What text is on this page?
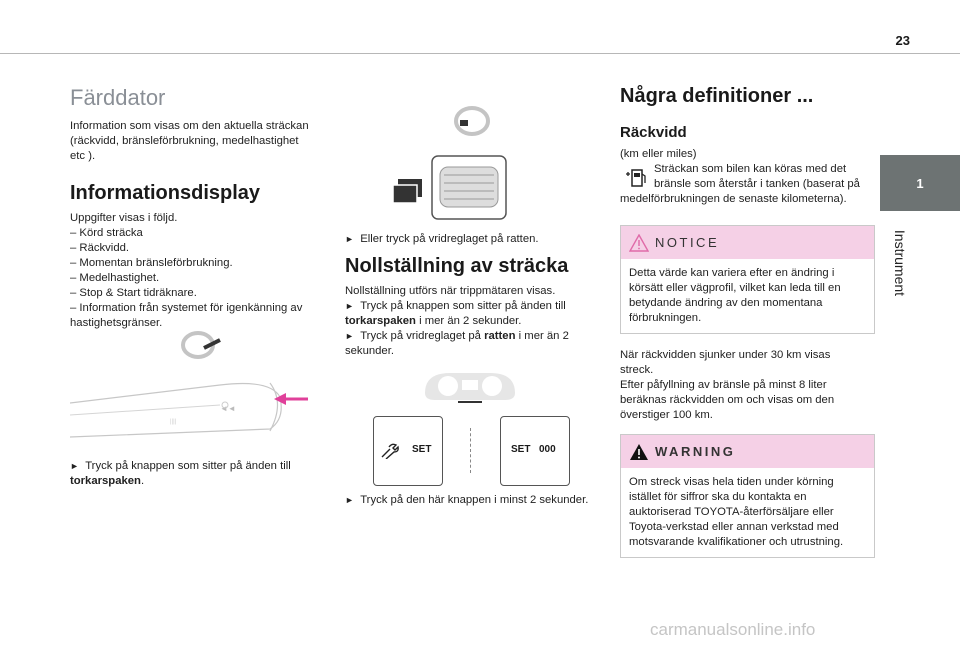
23
1
Instrument
Färddator
Information som visas om den aktuella sträckan
(räckvidd, bränsleförbrukning, medelhastighet
etc ).
Informationsdisplay
Uppgifter visas i följd.
– Körd sträcka
– Räckvidd.
– Momentan bränsleförbrukning.
– Medelhastighet.
– Stop & Start tidräknare.
– Information från systemet för igenkänning av
hastighetsgränser.
◄◄
||||
► Tryck på knappen som sitter på änden till
torkarspaken.
► Eller tryck på vridreglaget på ratten.
Nollställning av sträcka
Nollställning utförs när trippmätaren visas.
► Tryck på knappen som sitter på änden till
torkarspaken i mer än 2 sekunder.
► Tryck på vridreglaget på ratten i mer än 2
sekunder.
SET	SET 000
► Tryck på den här knappen i minst 2 sekunder.
Några definitioner ...
Räckvidd
(km eller miles)
Sträckan som bilen kan köras med det
bränsle som återstår i tanken (baserat på
medelförbrukningen de senaste kilometerna).
NOTICE
Detta värde kan variera efter en ändring i
körsätt eller vägprofil, vilket kan leda till en
betydande ändring av den momentana
förbrukningen.
När räckvidden sjunker under 30 km visas
streck.
Efter påfyllning av bränsle på minst 8 liter
beräknas räckvidden om och visas om den
överstiger 100 km.
WARNING
Om streck visas hela tiden under körning
istället för siffror ska du kontakta en
auktoriserad TOYOTA-återförsäljare eller
Toyota-verkstad eller annan verkstad med
motsvarande kvalifikationer och utrustning.
carmanualsonline.info
